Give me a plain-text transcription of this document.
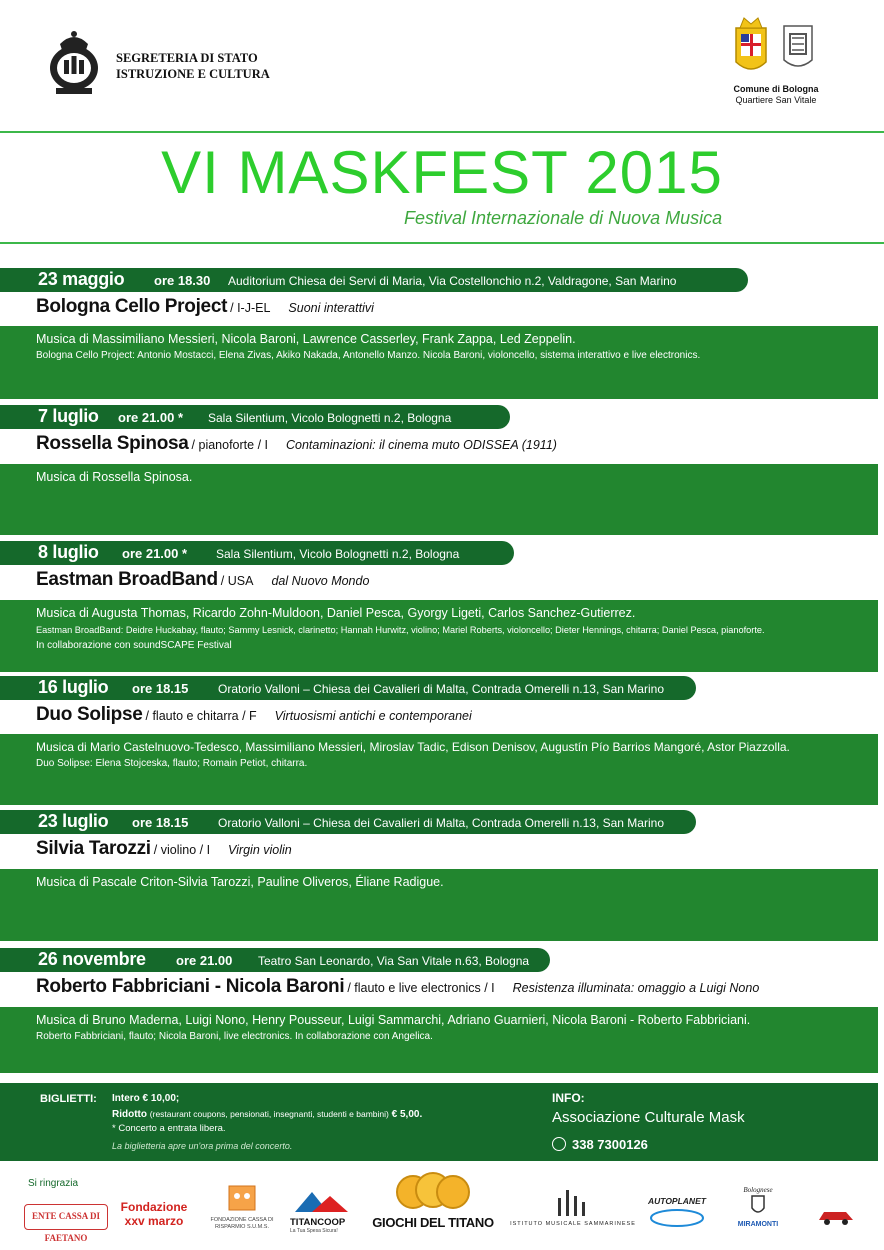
SEGRETERIA DI STATO
ISTRUZIONE E CULTURA
Comune di Bologna
Quartiere San Vitale
VI MASKFEST 2015
Festival Internazionale di Nuova Musica
23 maggio ore 18.30 Auditorium Chiesa dei Servi di Maria, Via Costellonchio n.2, Valdragone, San Marino
Bologna Cello Project / I-J-EL Suoni interattivi
Musica di Massimiliano Messieri, Nicola Baroni, Lawrence Casserley, Frank Zappa, Led Zeppelin.
Bologna Cello Project: Antonio Mostacci, Elena Zivas, Akiko Nakada, Antonello Manzo. Nicola Baroni, violoncello, sistema interattivo e live electronics.
7 luglio ore 21.00 * Sala Silentium, Vicolo Bolognetti n.2, Bologna
Rossella Spinosa / pianoforte / I Contaminazioni: il cinema muto ODISSEA (1911)
Musica di Rossella Spinosa.
8 luglio ore 21.00 * Sala Silentium, Vicolo Bolognetti n.2, Bologna
Eastman BroadBand / USA dal Nuovo Mondo
Musica di Augusta Thomas, Ricardo Zohn-Muldoon, Daniel Pesca, Gyorgy Ligeti, Carlos Sanchez-Gutierrez.
Eastman BroadBand: Deidre Huckabay, flauto; Sammy Lesnick, clarinetto; Hannah Hurwitz, violino; Mariel Roberts, violoncello; Dieter Hennings, chitarra; Daniel Pesca, pianoforte.
In collaborazione con soundSCAPE Festival
16 luglio ore 18.15 Oratorio Valloni – Chiesa dei Cavalieri di Malta, Contrada Omerelli n.13, San Marino
Duo Solipse / flauto e chitarra / F Virtuosismi antichi e contemporanei
Musica di Mario Castelnuovo-Tedesco, Massimiliano Messieri, Miroslav Tadic, Edison Denisov, Augustín Pío Barrios Mangoré, Astor Piazzolla.
Duo Solipse: Elena Stojceska, flauto; Romain Petiot, chitarra.
23 luglio ore 18.15 Oratorio Valloni – Chiesa dei Cavalieri di Malta, Contrada Omerelli n.13, San Marino
Silvia Tarozzi / violino / I Virgin violin
Musica di Pascale Criton-Silvia Tarozzi, Pauline Oliveros, Éliane Radigue.
26 novembre ore 21.00 Teatro San Leonardo, Via San Vitale n.63, Bologna
Roberto Fabbriciani - Nicola Baroni / flauto e live electronics / I Resistenza illuminata: omaggio a Luigi Nono
Musica di Bruno Maderna, Luigi Nono, Henry Pousseur, Luigi Sammarchi, Adriano Guarnieri, Nicola Baroni - Roberto Fabbriciani.
Roberto Fabbriciani, flauto; Nicola Baroni, live electronics. In collaborazione con Angelica.
BIGLIETTI: Intero € 10,00;
Ridotto (restaurant coupons, pensionati, insegnanti, studenti e bambini) € 5,00.
* Concerto a entrata libera.
La biglietteria apre un'ora prima del concerto.
INFO:
Associazione Culturale Mask
338 7300126
Si ringrazia
ENTE CASSA DI FAETANO
Fondazione xxv marzo	FONDAZIONE CASSA DI RISPARMIO S.U.M.S.	TITANCOOP
La Tua Spesa Sicura!
GIOCHI DEL TITANO	ISTITUTO MUSICALE SAMMARINESE
AUTOPLANET
Bolognese
MIRAMONTI
